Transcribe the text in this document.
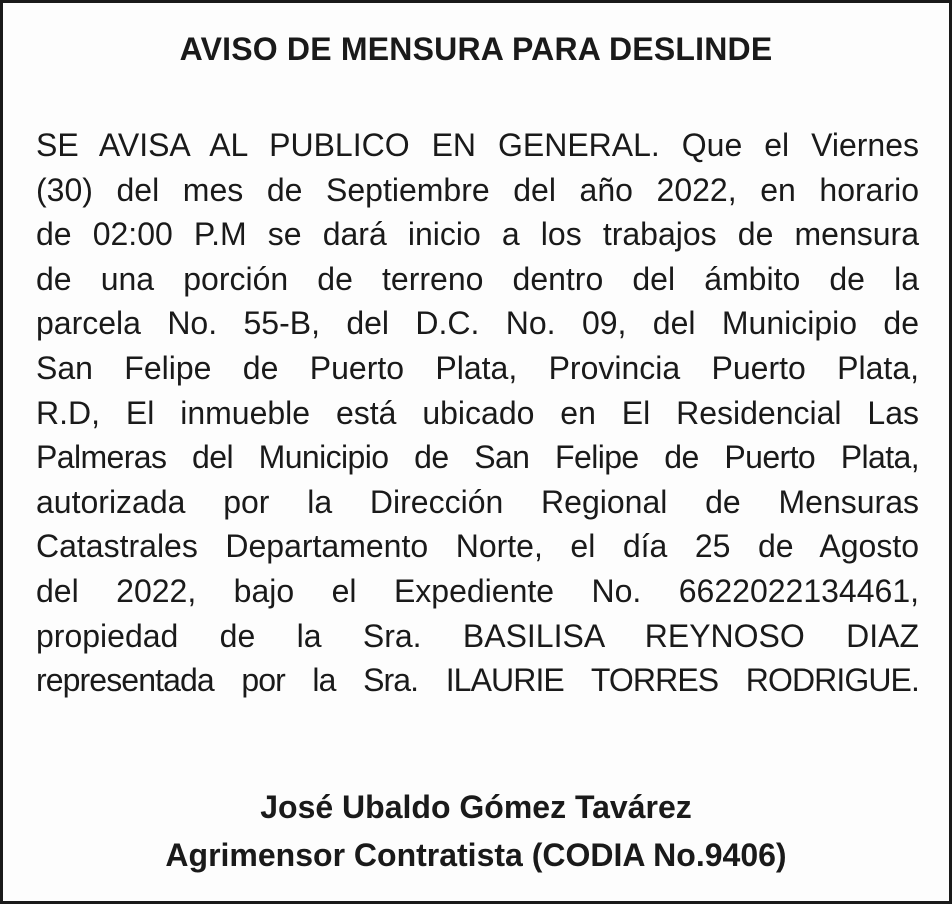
AVISO DE MENSURA PARA DESLINDE
SE AVISA AL PUBLICO EN GENERAL. Que el Viernes
(30) del mes de Septiembre del año 2022, en horario
de 02:00 P.M se dará inicio a los trabajos de mensura
de una porción de terreno dentro del ámbito de la
parcela No. 55-B, del D.C. No. 09, del Municipio de
San Felipe de Puerto Plata, Provincia Puerto Plata,
R.D, El inmueble está ubicado en El Residencial Las
Palmeras del Municipio de San Felipe de Puerto Plata,
autorizada por la Dirección Regional de Mensuras
Catastrales Departamento Norte, el día 25 de Agosto
del 2022, bajo el Expediente No. 6622022134461,
propiedad de la Sra. BASILISA REYNOSO DIAZ
representada por la Sra. ILAURIE TORRES RODRIGUE.
José Ubaldo Gómez Tavárez
Agrimensor Contratista (CODIA No.9406)
